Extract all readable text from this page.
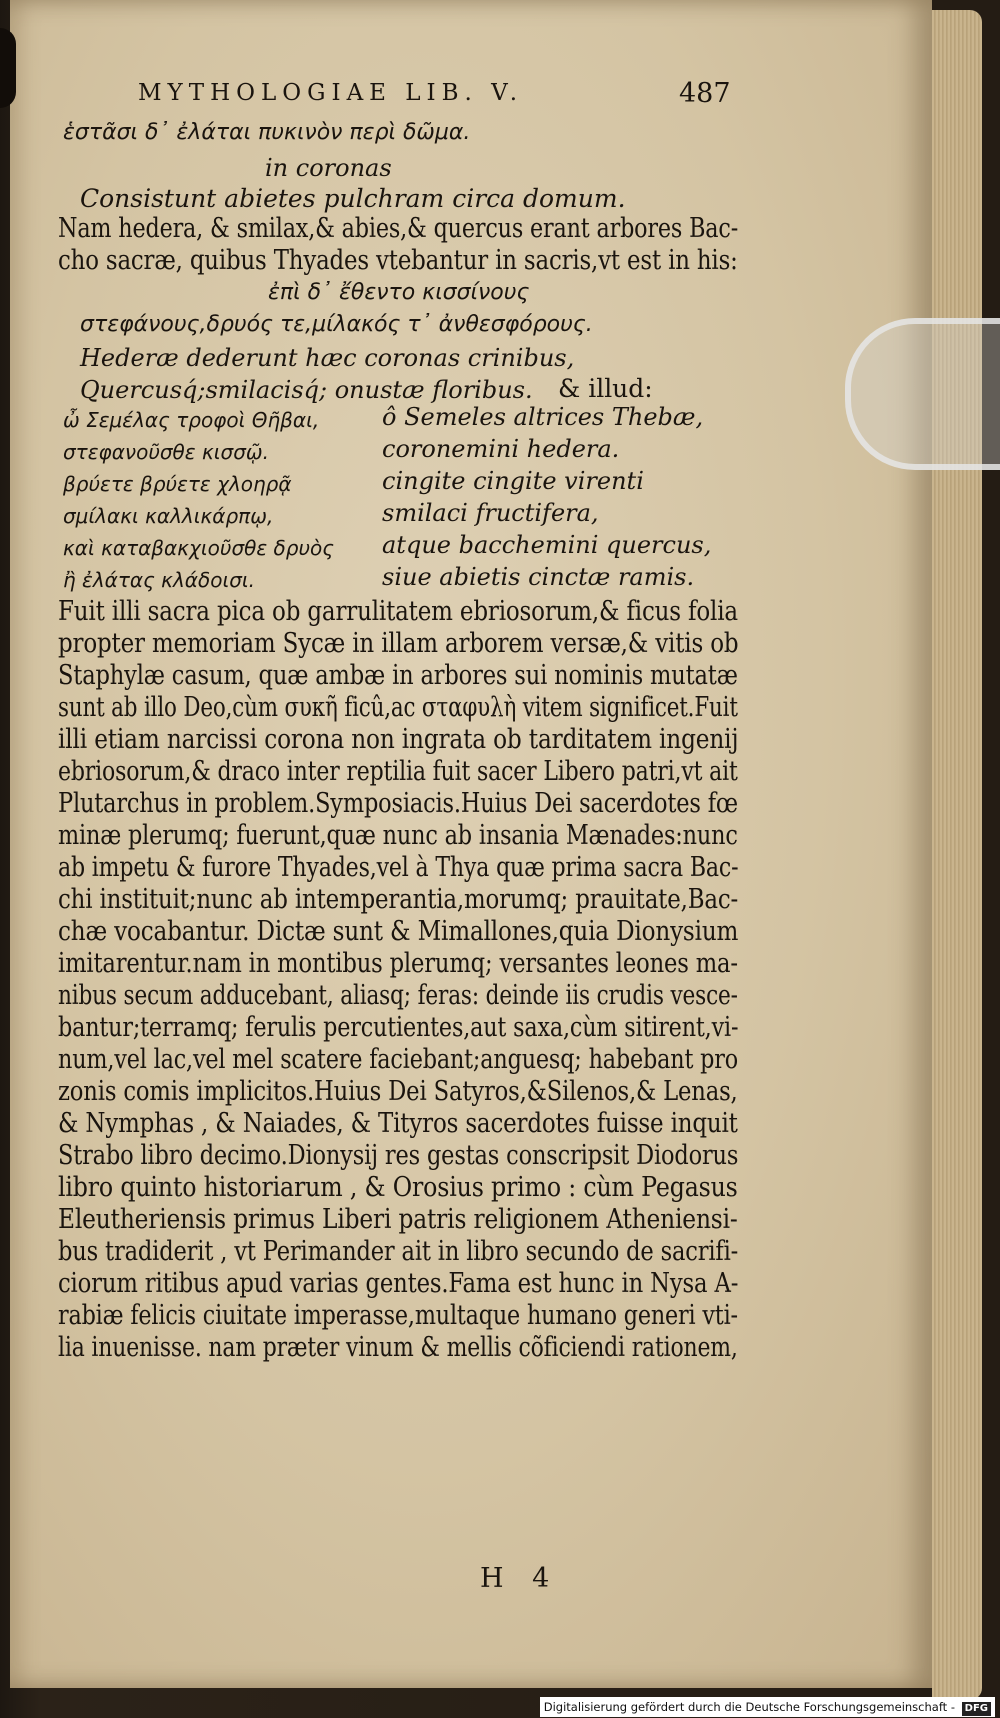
MYTHOLOGIAE LIB. V.	487
ἑστᾶσι δ᾽ ἐλάται πυκινὸν περὶ δῶμα.
in coronas
Consistunt abietes pulchram circa domum.
Nam hedera, & smilax,& abies,& quercus erant arbores Bac-
cho sacræ, quibus Thyades vtebantur in sacris,vt est in his:
ἐπὶ δ᾽ ἔθεντο κισσίνους
στεφάνους,δρυός τε,μίλακός τ᾽ ἀνθεσφόρους.
Hederæ dederunt hæc coronas crinibus,
Quercusq́;smilacisq́; onustæ floribus. & illud:
ὦ Σεμέλας τροφοὶ Θῆβαι,
στεφανοῦσθε κισσῷ.
βρύετε βρύετε χλοηρᾷ
σμίλακι καλλικάρπῳ,
καὶ καταβακχιοῦσθε δρυὸς
ἢ ἐλάτας κλάδοισι.
ô Semeles altrices Thebæ,
coronemini hedera.
cingite cingite virenti
smilaci fructifera,
atque bacchemini quercus,
siue abietis cinctæ ramis.
Fuit illi sacra pica ob garrulitatem ebriosorum,& ficus folia
propter memoriam Sycæ in illam arborem versæ,& vitis ob
Staphylæ casum, quæ ambæ in arbores sui nominis mutatæ
sunt ab illo Deo,cùm συκῆ ficû,ac σταφυλὴ vitem significet.Fuit
illi etiam narcissi corona non ingrata ob tarditatem ingenij
ebriosorum,& draco inter reptilia fuit sacer Libero patri,vt ait
Plutarchus in problem.Symposiacis.Huius Dei sacerdotes fœ
minæ plerumq; fuerunt,quæ nunc ab insania Mænades:nunc
ab impetu & furore Thyades,vel à Thya quæ prima sacra Bac-
chi instituit;nunc ab intemperantia,morumq; prauitate,Bac-
chæ vocabantur. Dictæ sunt & Mimallones,quia Dionysium
imitarentur.nam in montibus plerumq; versantes leones ma-
nibus secum adducebant, aliasq; feras: deinde iis crudis vesce-
bantur;terramq; ferulis percutientes,aut saxa,cùm sitirent,vi-
num,vel lac,vel mel scatere faciebant;anguesq; habebant pro
zonis comis implicitos.Huius Dei Satyros,&Silenos,& Lenas,
& Nymphas , & Naiades, & Tityros sacerdotes fuisse inquit
Strabo libro decimo.Dionysij res gestas conscripsit Diodorus
libro quinto historiarum , & Orosius primo : cùm Pegasus
Eleutheriensis primus Liberi patris religionem Atheniensi-
bus tradiderit , vt Perimander ait in libro secundo de sacrifi-
ciorum ritibus apud varias gentes.Fama est hunc in Nysa A-
rabiæ felicis ciuitate imperasse,multaque humano generi vti-
lia inuenisse. nam præter vinum & mellis cõficiendi rationem,
H 4
Digitalisierung gefördert durch die Deutsche Forschungsgemeinschaft - DFG
